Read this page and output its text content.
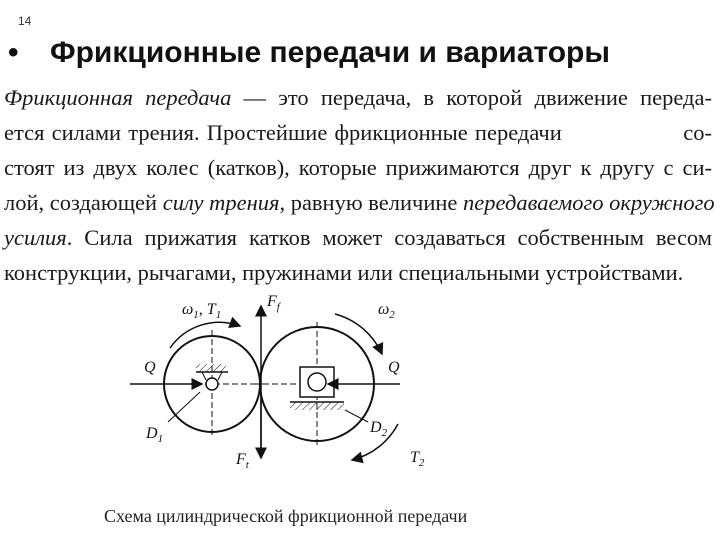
14
• Фрикционные передачи и вариаторы
Фрикционная передача — это передача, в которой движение переда-
ется силами трения. Простейшие фрикционные передачи                 со-
стоят из двух колес (катков), которые прижимаются друг к другу с си-
лой, создающей силу трения, равную величине передаваемого окружного
усилия. Сила прижатия катков может создаваться собственным весом
конструкции, рычагами, пружинами или специальными устройствами.
$\omega_1$, $T_1$
$F_f$	$\omega_2$
Q	Q
$D_1$
$D_2$
$F_t$	$T_2$
Схема цилиндрической фрикционной передачи
